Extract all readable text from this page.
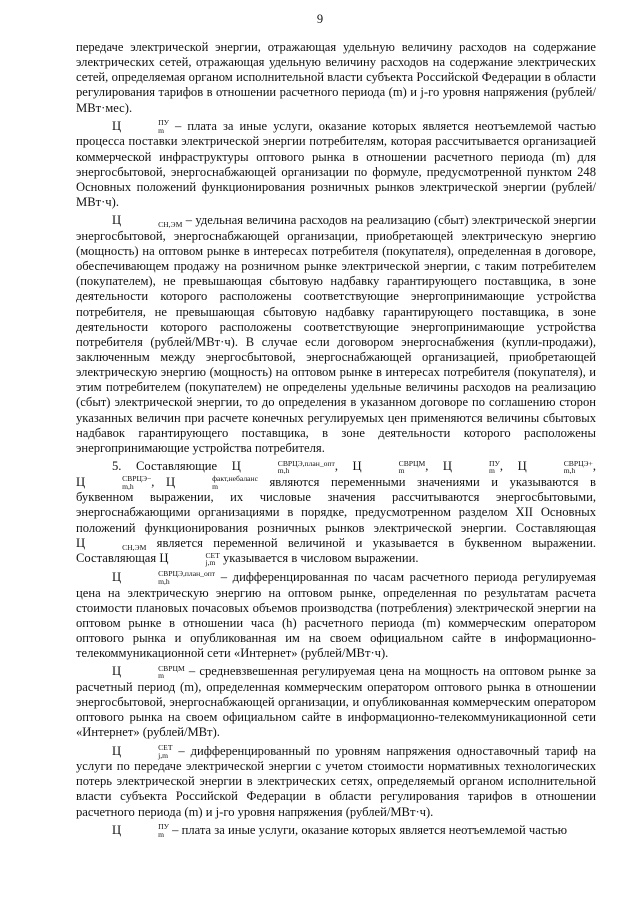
9

передаче электрической энергии, отражающая удельную величину расходов на содержание электрических сетей, отражающая удельную величину расходов на содержание электрических сетей, определяемая органом исполнительной власти субъекта Российской Федерации в области регулирования тарифов в отношении расчетного периода (m) и j-го уровня напряжения (рублей/МВт·мес).

Ц	ПУ
m – плата за иные услуги, оказание которых является неотъемлемой частью процесса поставки электрической энергии потребителям, которая рассчитывается организацией коммерческой инфраструктуры оптового рынка в отношении расчетного периода (m) для энергосбытовой, энергоснабжающей организации по формуле, предусмотренной пунктом 248 Основных положений функционирования розничных рынков электрической энергии (рублей/МВт·ч).

Ц	СН,ЭМ – удельная величина расходов на реализацию (сбыт) электрической энергии энергосбытовой, энергоснабжающей организации, приобретающей электрическую энергию (мощность) на оптовом рынке в интересах потребителя (покупателя), определенная в договоре, обеспечивающем продажу на розничном рынке электрической энергии, с таким потребителем (покупателем), не превышающая сбытовую надбавку гарантирующего поставщика, в зоне деятельности которого расположены соответствующие энергопринимающие устройства потребителя, не превышающая сбытовую надбавку гарантирующего поставщика, в зоне деятельности которого расположены соответствующие энергопринимающие устройства потребителя (рублей/МВт·ч). В случае если договором энергоснабжения (купли-продажи), заключенным между энергосбытовой, энергоснабжающей организацией, приобретающей электрическую энергию (мощность) на оптовом рынке в интересах потребителя (покупателя), и этим потребителем (покупателем) не определены удельные величины расходов на реализацию (сбыт) электрической энергии, то до определения в указанном договоре по соглашению сторон указанных величин при расчете конечных регулируемых цен применяются величины сбытовых надбавок гарантирующего поставщика, в зоне деятельности которого расположены энергопринимающие устройства потребителя.

5. Составляющие Ц	СВРЦЭ,план_опт
m,h	, Ц	СВРЦМ
m	, Ц	ПУ
m , Ц	СВРЦЭ+
m,h	, Ц	СВРЦЭ−
m,h	, Ц	факт,небаланс
m	являются переменными значениями и указываются в буквенном выражении, их числовые значения рассчитываются энергосбытовыми, энергоснабжающими организациями в порядке, предусмотренном разделом XII Основных положений функционирования розничных рынков электрической энергии. Составляющая Ц	СН,ЭМ является переменной величиной и указывается в буквенном выражении. Составляющая Ц	СЕТ
j,m указывается в числовом выражении.

Ц	СВРЦЭ,план_опт
m,h	– дифференцированная по часам расчетного периода регулируемая цена на электрическую энергию на оптовом рынке, определенная по результатам расчета стоимости плановых почасовых объемов производства (потребления) электрической энергии на оптовом рынке в отношении часа (h) расчетного периода (m) коммерческим оператором оптового рынка и опубликованная им на своем официальном сайте в информационно-телекоммуникационной сети «Интернет» (рублей/МВт·ч).

Ц	СВРЦМ
m	– средневзвешенная регулируемая цена на мощность на оптовом рынке за расчетный период (m), определенная коммерческим оператором оптового рынка в отношении энергосбытовой, энергоснабжающей организации, и опубликованная коммерческим оператором оптового рынка на своем официальном сайте в информационно-телекоммуникационной сети «Интернет» (рублей/МВт).

Ц	СЕТ
j,m – дифференцированный по уровням напряжения одноставочный тариф на услуги по передаче электрической энергии с учетом стоимости нормативных технологических потерь электрической энергии в электрических сетях, определяемый органом исполнительной власти субъекта Российской Федерации в области регулирования тарифов в отношении расчетного периода (m) и j-го уровня напряжения (рублей/МВт·ч).

Ц	ПУ
m – плата за иные услуги, оказание которых является неотъемлемой частью
